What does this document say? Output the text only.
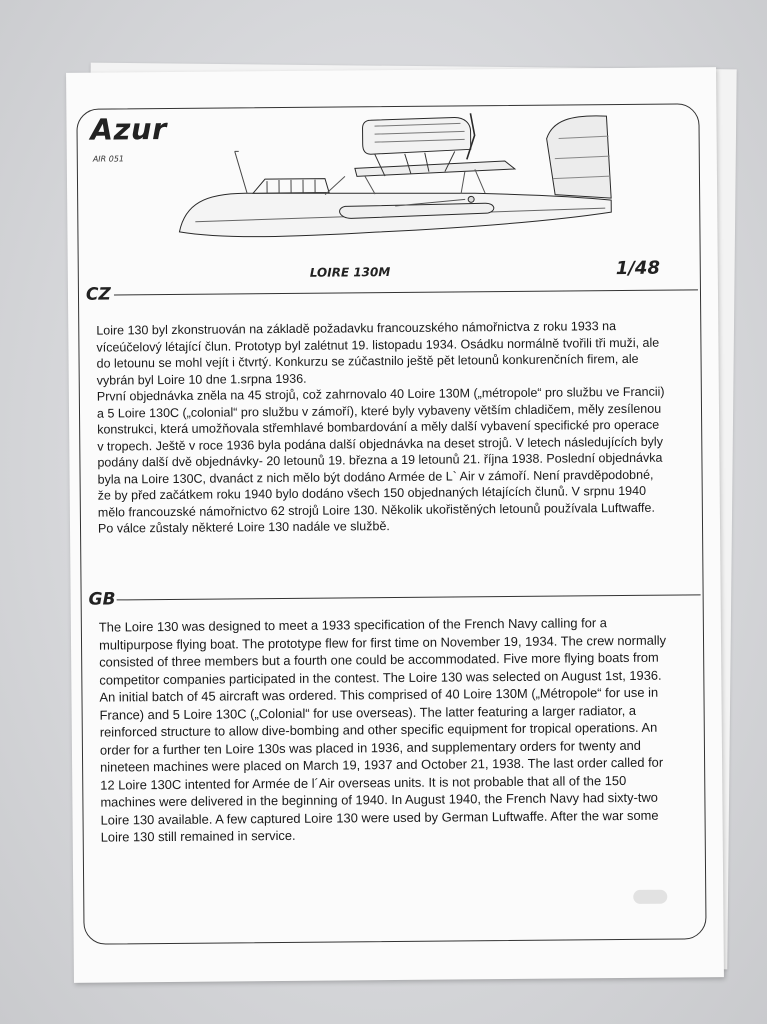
Azur
AIR 051
LOIRE 130M	1/48
CZ

Loire 130 byl zkonstruován na základě požadavku francouzského námořnictva z roku 1933 na víceúčelový létající člun. Prototyp byl zalétnut 19. listopadu 1934. Osádku normálně tvořili tři muži, ale do letounu se mohl vejít i čtvrtý. Konkurzu se zúčastnilo ještě pět letounů konkurenčních firem, ale vybrán byl Loire 10 dne 1.srpna 1936.

První objednávka zněla na 45 strojů, což zahrnovalo 40 Loire 130M („métropole“ pro službu ve Francii) a 5 Loire 130C („colonial“ pro službu v zámoří), které byly vybaveny větším chladičem, měly zesílenou konstrukci, která umožňovala střemhlavé bombardování a měly další vybavení specifické pro operace v tropech. Ještě v roce 1936 byla podána další objednávka na deset strojů. V letech následujících byly podány další dvě objednávky- 20 letounů 19. března a 19 letounů 21. října 1938. Poslední objednávka byla na Loire 130C, dvanáct z nich mělo být dodáno Armée de L` Air v zámoří. Není pravděpodobné, že by před začátkem roku 1940 bylo dodáno všech 150 objednaných létajících člunů. V srpnu 1940 mělo francouzské námořnictvo 62 strojů Loire 130. Několik ukořistěných letounů používala Luftwaffe. Po válce zůstaly některé Loire 130 nadále ve službě.

GB

The Loire 130 was designed to meet a 1933 specification of the French Navy calling for a multipurpose flying boat. The prototype flew for first time on November 19, 1934. The crew normally consisted of three members but a fourth one could be accommodated. Five more flying boats from competitor companies participated in the contest. The Loire 130 was selected on August 1st, 1936. An initial batch of 45 aircraft was ordered. This comprised of 40 Loire 130M („Métropole“ for use in France) and 5 Loire 130C („Colonial“ for use overseas). The latter featuring a larger radiator, a reinforced structure to allow dive-bombing and other specific equipment for tropical operations. An order for a further ten Loire 130s was placed in 1936, and supplementary orders for twenty and nineteen machines were placed on March 19, 1937 and October 21, 1938. The last order called for 12 Loire 130C intented for Armée de l´Air overseas units. It is not probable that all of the 150 machines were delivered in the beginning of 1940. In August 1940, the French Navy had sixty-two Loire 130 available. A few captured Loire 130 were used by German Luftwaffe. After the war some Loire 130 still remained in service.
